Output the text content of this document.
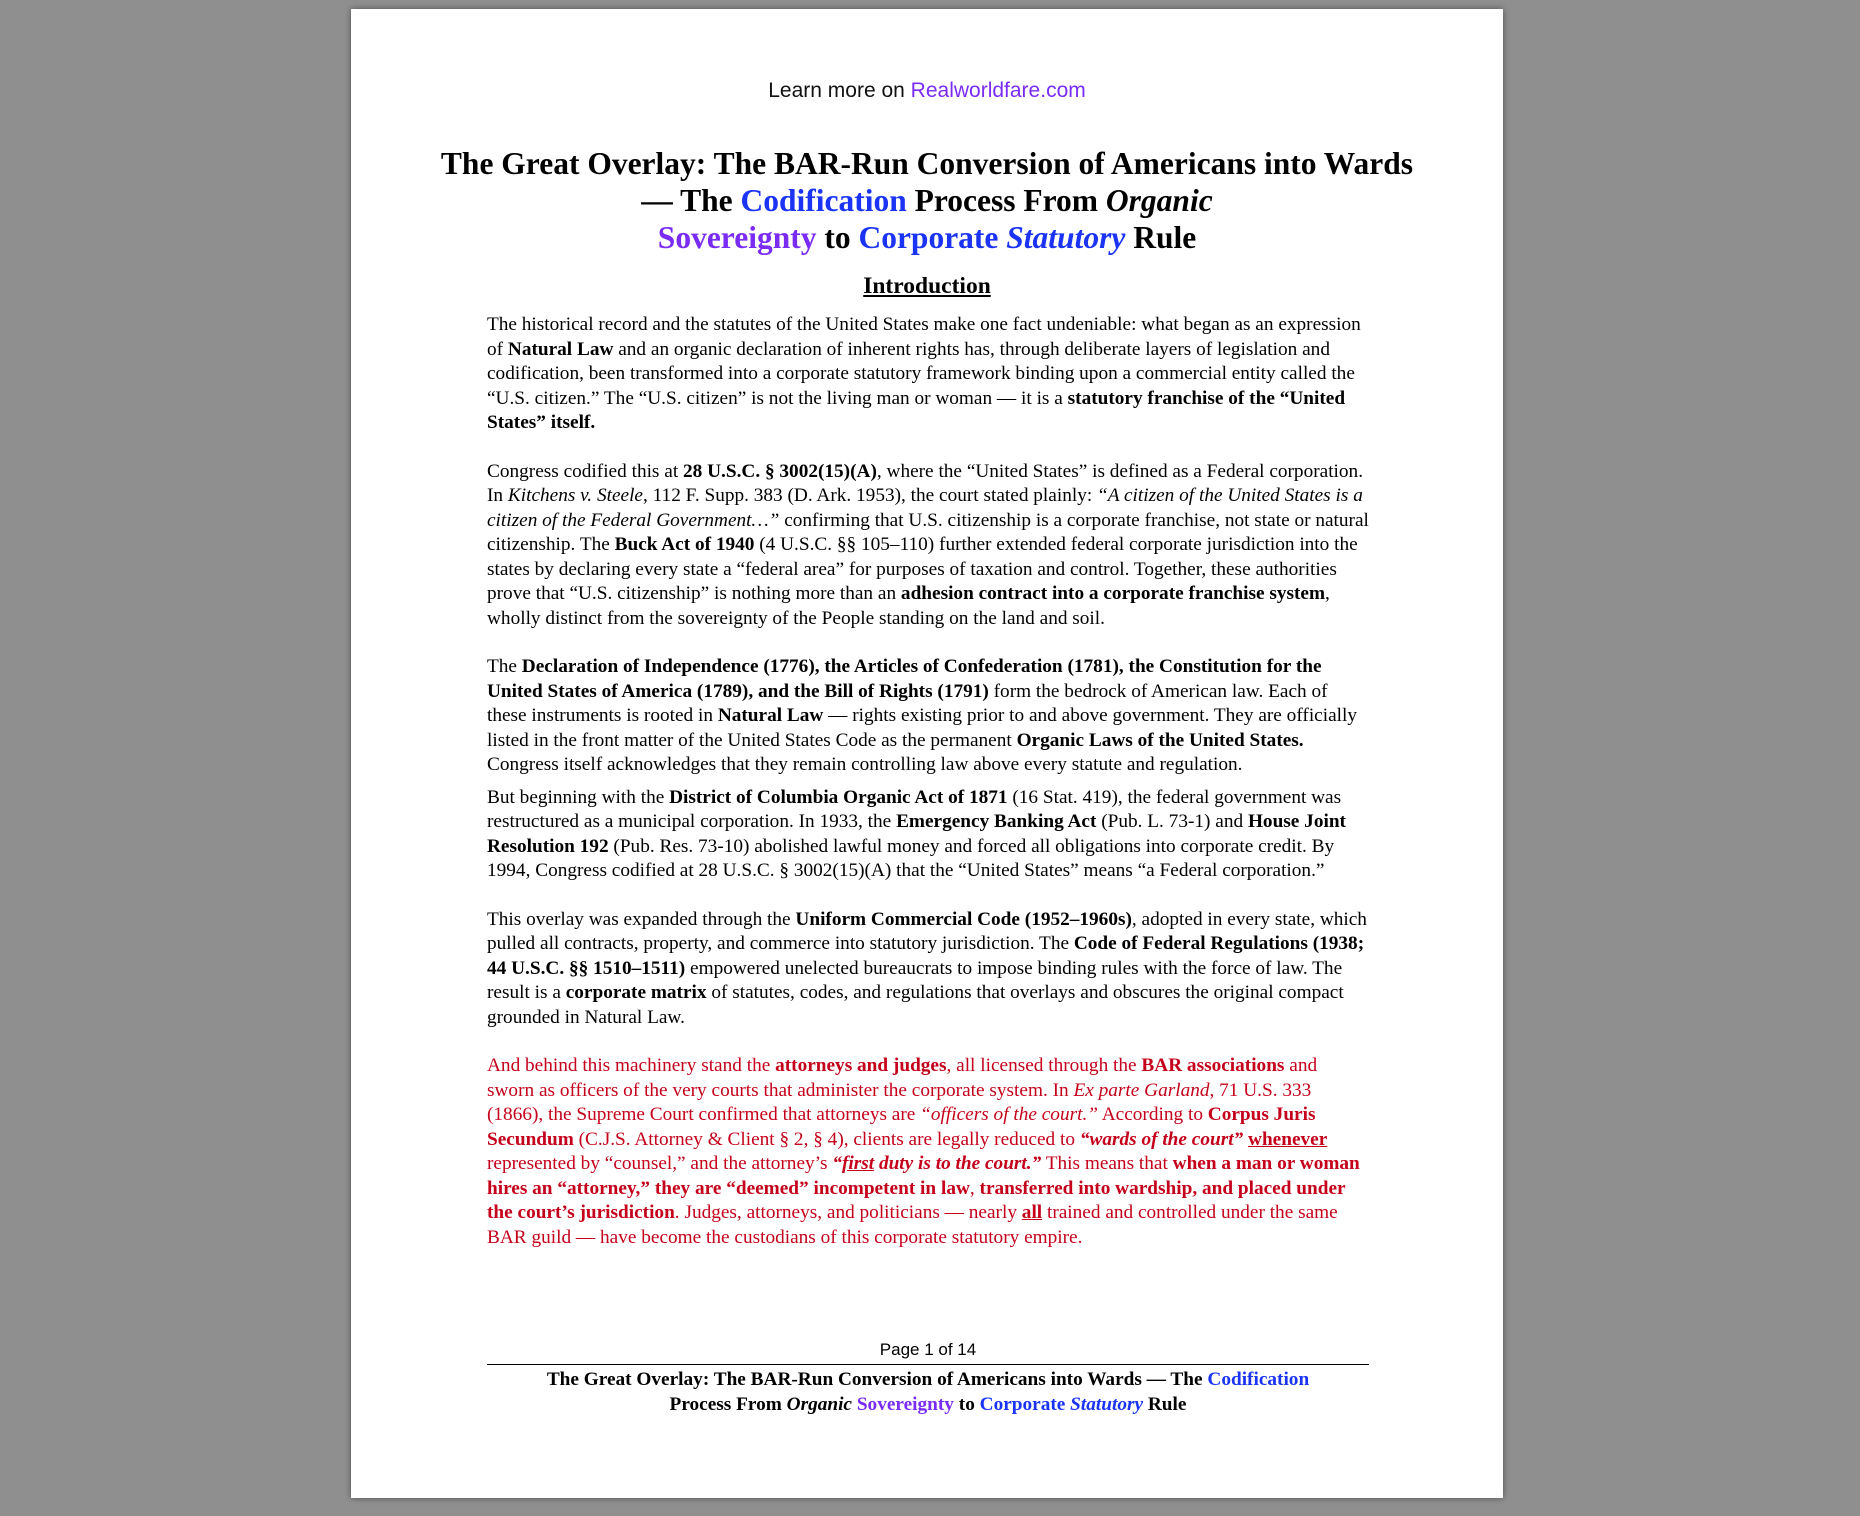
Learn more on Realworldfare.com
The Great Overlay: The BAR-Run Conversion of Americans into Wards — The Codification Process From Organic
Sovereignty to Corporate Statutory Rule
Introduction

The historical record and the statutes of the United States make one fact undeniable: what began as an expression of Natural Law and an organic declaration of inherent rights has, through deliberate layers of legislation and codification, been transformed into a corporate statutory framework binding upon a commercial entity called the “U.S. citizen.” The “U.S. citizen” is not the living man or woman — it is a statutory franchise of the “United States” itself.

Congress codified this at 28 U.S.C. § 3002(15)(A), where the “United States” is defined as a Federal corporation. In Kitchens v. Steele, 112 F. Supp. 383 (D. Ark. 1953), the court stated plainly: “A citizen of the United States is a citizen of the Federal Government…” confirming that U.S. citizenship is a corporate franchise, not state or natural citizenship. The Buck Act of 1940 (4 U.S.C. §§ 105–110) further extended federal corporate jurisdiction into the states by declaring every state a “federal area” for purposes of taxation and control. Together, these authorities prove that “U.S. citizenship” is nothing more than an adhesion contract into a corporate franchise system, wholly distinct from the sovereignty of the People standing on the land and soil.

The Declaration of Independence (1776), the Articles of Confederation (1781), the Constitution for the United States of America (1789), and the Bill of Rights (1791) form the bedrock of American law. Each of these instruments is rooted in Natural Law — rights existing prior to and above government. They are officially listed in the front matter of the United States Code as the permanent Organic Laws of the United States. Congress itself acknowledges that they remain controlling law above every statute and regulation.

But beginning with the District of Columbia Organic Act of 1871 (16 Stat. 419), the federal government was restructured as a municipal corporation. In 1933, the Emergency Banking Act (Pub. L. 73-1) and House Joint Resolution 192 (Pub. Res. 73-10) abolished lawful money and forced all obligations into corporate credit. By 1994, Congress codified at 28 U.S.C. § 3002(15)(A) that the “United States” means “a Federal corporation.”

This overlay was expanded through the Uniform Commercial Code (1952–1960s), adopted in every state, which pulled all contracts, property, and commerce into statutory jurisdiction. The Code of Federal Regulations (1938; 44 U.S.C. §§ 1510–1511) empowered unelected bureaucrats to impose binding rules with the force of law. The result is a corporate matrix of statutes, codes, and regulations that overlays and obscures the original compact grounded in Natural Law.

And behind this machinery stand the attorneys and judges, all licensed through the BAR associations and sworn as officers of the very courts that administer the corporate system. In Ex parte Garland, 71 U.S. 333 (1866), the Supreme Court confirmed that attorneys are “officers of the court.” According to Corpus Juris Secundum (C.J.S. Attorney & Client § 2, § 4), clients are legally reduced to “wards of the court” whenever represented by “counsel,” and the attorney’s “first duty is to the court.” This means that when a man or woman hires an “attorney,” they are “deemed” incompetent in law, transferred into wardship, and placed under the court’s jurisdiction. Judges, attorneys, and politicians — nearly all trained and controlled under the same BAR guild — have become the custodians of this corporate statutory empire.

Page 1 of 14
The Great Overlay: The BAR-Run Conversion of Americans into Wards — The Codification
Process From Organic Sovereignty to Corporate Statutory Rule
